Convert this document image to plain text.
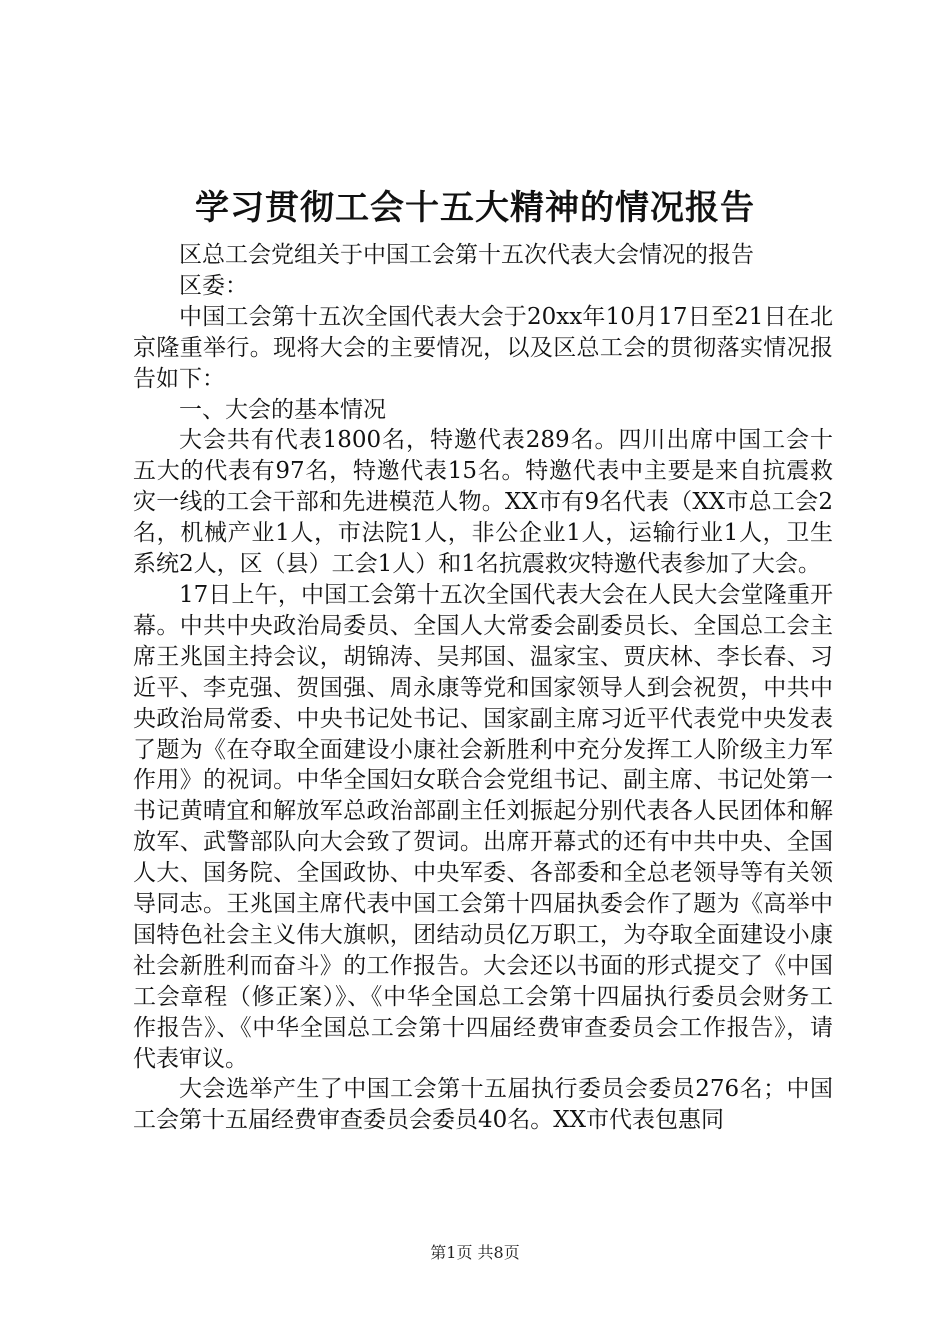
学习贯彻工会十五大精神的情况报告

区总工会党组关于中国工会第十五次代表大会情况的报告

区委：

中国工会第十五次全国代表大会于20xx年10月17日至21日在北京隆重举行。现将大会的主要情况，以及区总工会的贯彻落实情况报告如下：

一、大会的基本情况

大会共有代表1800名，特邀代表289名。四川出席中国工会十五大的代表有97名，特邀代表15名。特邀代表中主要是来自抗震救灾一线的工会干部和先进模范人物。XX市有9名代表（XX市总工会2名，机械产业1人，市法院1人，非公企业1人，运输行业1人，卫生系统2人，区（县）工会1人）和1名抗震救灾特邀代表参加了大会。

17日上午，中国工会第十五次全国代表大会在人民大会堂隆重开幕。中共中央政治局委员、全国人大常委会副委员长、全国总工会主席王兆国主持会议，胡锦涛、吴邦国、温家宝、贾庆林、李长春、习近平、李克强、贺国强、周永康等党和国家领导人到会祝贺，中共中央政治局常委、中央书记处书记、国家副主席习近平代表党中央发表了题为《在夺取全面建设小康社会新胜利中充分发挥工人阶级主力军作用》的祝词。中华全国妇女联合会党组书记、副主席、书记处第一书记黄晴宜和解放军总政治部副主任刘振起分别代表各人民团体和解放军、武警部队向大会致了贺词。出席开幕式的还有中共中央、全国人大、国务院、全国政协、中央军委、各部委和全总老领导等有关领导同志。王兆国主席代表中国工会第十四届执委会作了题为《高举中国特色社会主义伟大旗帜，团结动员亿万职工，为夺取全面建设小康社会新胜利而奋斗》的工作报告。大会还以书面的形式提交了《中国工会章程（修正案）》、《中华全国总工会第十四届执行委员会财务工作报告》、《中华全国总工会第十四届经费审查委员会工作报告》，请代表审议。

大会选举产生了中国工会第十五届执行委员会委员276名；中国工会第十五届经费审查委员会委员40名。XX市代表包惠同

第1页 共8页
